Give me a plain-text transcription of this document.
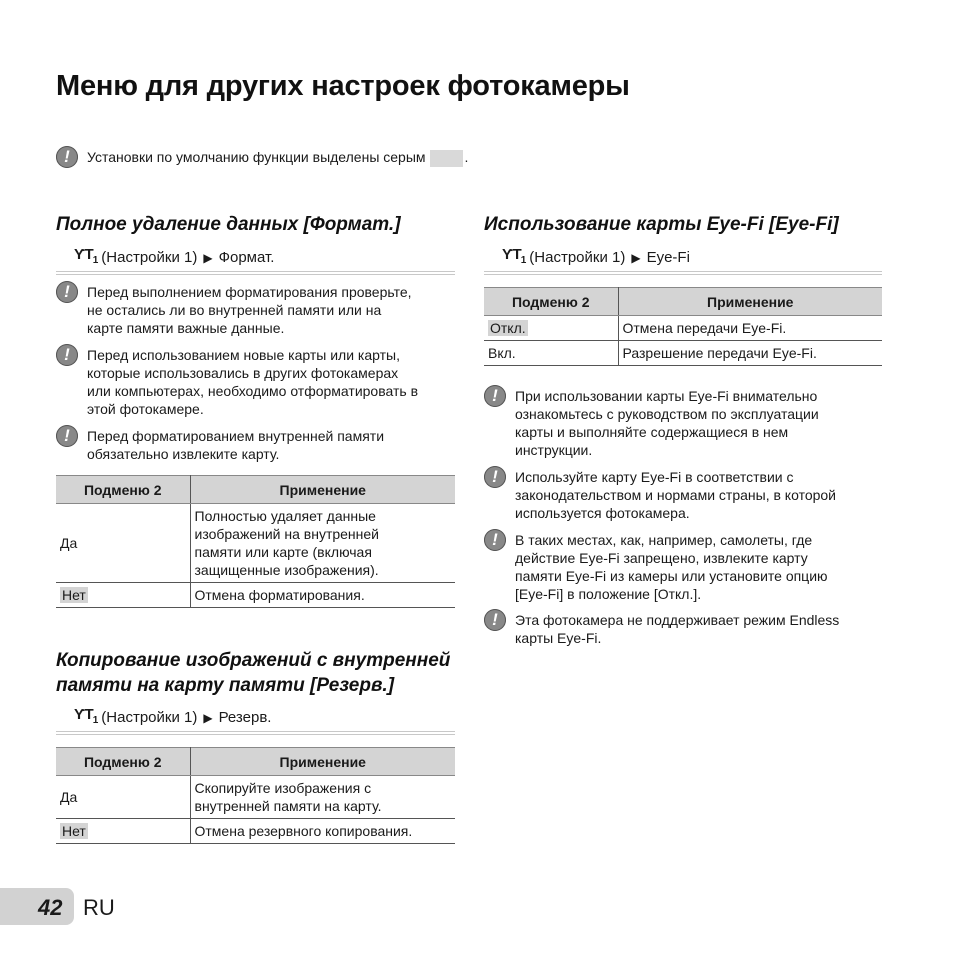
Меню для других настроек фотокамеры
!	Установки по умолчанию функции выделены серым	.
Полное удаление данных [Формат.]
$ƳT_1$ (Настройки 1) ▶ Формат.
!	Перед выполнением форматирования проверьте,
не остались ли во внутренней памяти или на
карте памяти важные данные.
!	Перед использованием новые карты или карты,
которые использовались в других фотокамерах
или компьютерах, необходимо отформатировать в
этой фотокамере.
!	Перед форматированием внутренней памяти
обязательно извлеките карту.
Подменю 2	Применение
Да	Полностью удаляет данные
изображений на внутренней
памяти или карте (включая
защищенные изображения).
Нет	Отмена форматирования.
Копирование изображений с внутренней
памяти на карту памяти [Резерв.]
$ƳT_1$ (Настройки 1) ▶ Резерв.
Подменю 2	Применение
Да	Скопируйте изображения с
внутренней памяти на карту.
Нет	Отмена резервного копирования.
Использование карты Eye-Fi [Eye-Fi]
$ƳT_1$ (Настройки 1) ▶ Eye-Fi
Подменю 2	Применение
Откл.	Отмена передачи Eye-Fi.
Вкл.	Разрешение передачи Eye-Fi.
!	При использовании карты Eye-Fi внимательно
ознакомьтесь с руководством по эксплуатации
карты и выполняйте содержащиеся в нем
инструкции.
!	Используйте карту Eye-Fi в соответствии с
законодательством и нормами страны, в которой
используется фотокамера.
!	В таких местах, как, например, самолеты, где
действие Eye-Fi запрещено, извлеките карту
памяти Eye-Fi из камеры или установите опцию
[Eye-Fi] в положение [Откл.].
!	Эта фотокамера не поддерживает режим Endless
карты Eye-Fi.
42 RU
